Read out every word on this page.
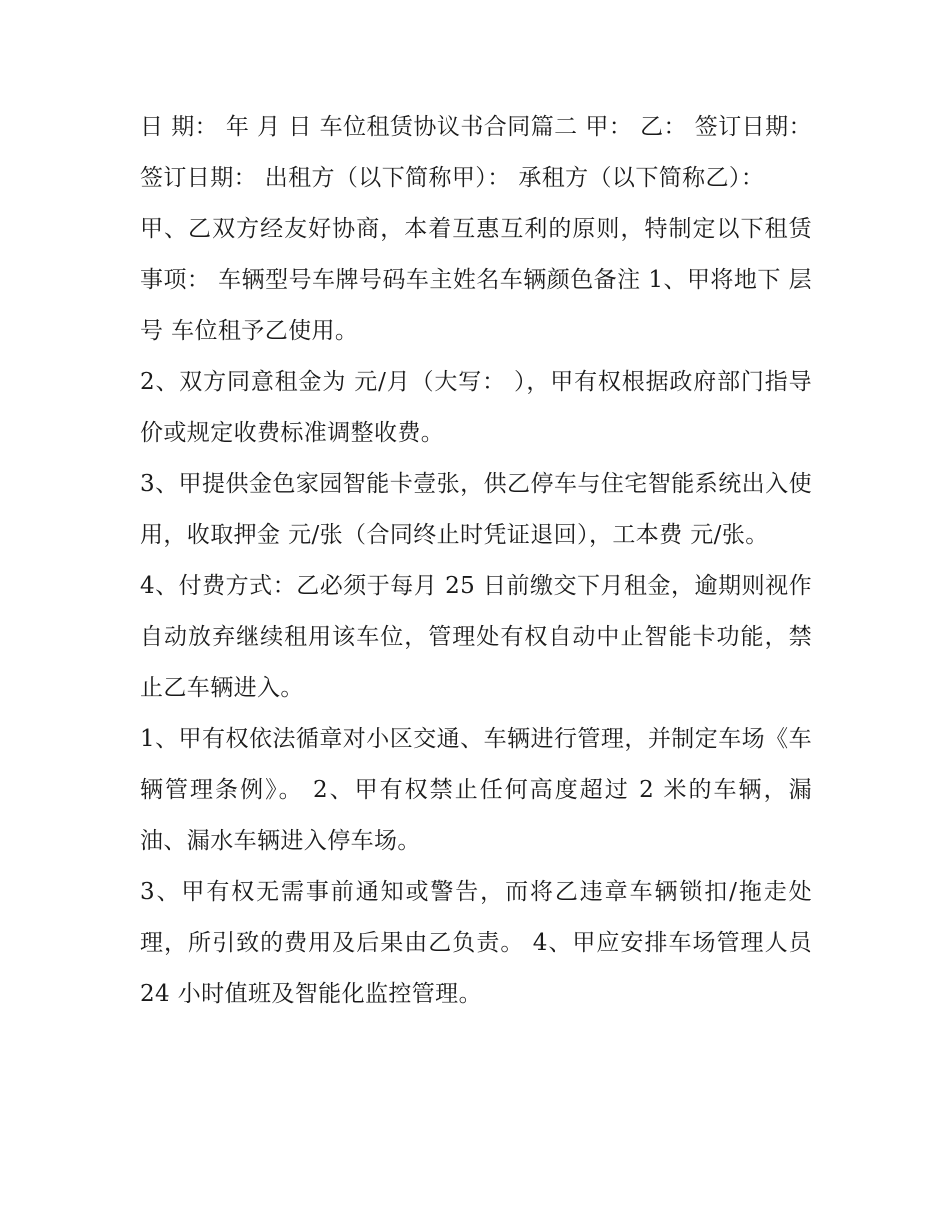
日 期： 年 月 日 车位租赁协议书合同篇二 甲： 乙： 签订日期： 签订日期： 出租方（以下简称甲）： 承租方（以下简称乙）：

甲、乙双方经友好协商，本着互惠互利的原则，特制定以下租赁事项： 车辆型号车牌号码车主姓名车辆颜色备注 1、甲将地下 层 号 车位租予乙使用。

2、双方同意租金为 元/月（大写： ），甲有权根据政府部门指导价或规定收费标准调整收费。

3、甲提供金色家园智能卡壹张，供乙停车与住宅智能系统出入使用，收取押金 元/张（合同终止时凭证退回），工本费 元/张。

4、付费方式：乙必须于每月 25 日前缴交下月租金，逾期则视作自动放弃继续租用该车位，管理处有权自动中止智能卡功能，禁止乙车辆进入。

1、甲有权依法循章对小区交通、车辆进行管理，并制定车场《车辆管理条例》。 2、甲有权禁止任何高度超过 2 米的车辆，漏油、漏水车辆进入停车场。

3、甲有权无需事前通知或警告，而将乙违章车辆锁扣/拖走处理，所引致的费用及后果由乙负责。 4、甲应安排车场管理人员 24 小时值班及智能化监控管理。
